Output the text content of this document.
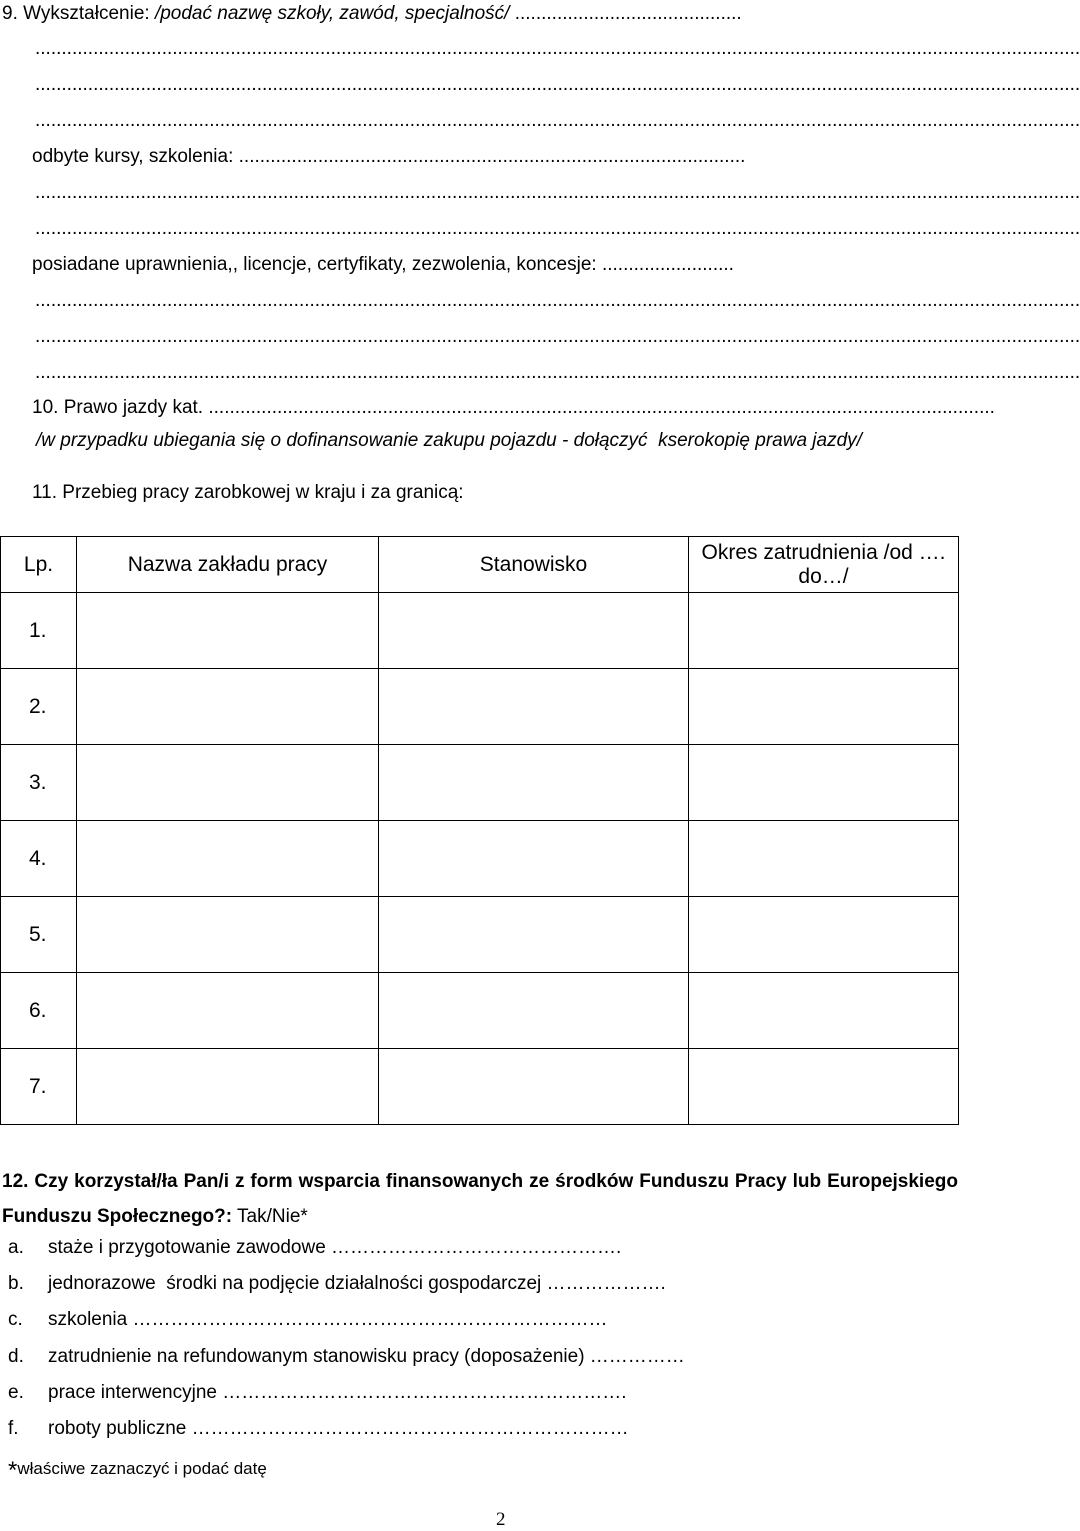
9. Wykształcenie: /podać nazwę szkoły, zawód, specjalność/ ...........................................
......................................................................................................................................................................................................
......................................................................................................................................................................................................
......................................................................................................................................................................................................
odbyte kursy, szkolenia: ................................................................................................
......................................................................................................................................................................................................
......................................................................................................................................................................................................
posiadane uprawnienia,, licencje, certyfikaty, zezwolenia, koncesje: .........................
......................................................................................................................................................................................................
......................................................................................................................................................................................................
......................................................................................................................................................................................................
10. Prawo jazdy kat. .....................................................................................................................................................
/w przypadku ubiegania się o dofinansowanie zakupu pojazdu - dołączyć  kserokopię prawa jazdy/
11. Przebieg pracy zarobkowej w kraju i za granicą:
Lp.	Nazwa zakładu pracy	Stanowisko	Okres zatrudnienia /od …. do…/
1.			
2.			
3.			
4.			
5.			
6.			
7.			
12. Czy korzystał/ła Pan/i z form wsparcia finansowanych ze środków Funduszu Pracy lub Europejskiego Funduszu Społecznego?: Tak/Nie*
a. staże i przygotowanie zawodowe ……………………………………….
b. jednorazowe  środki na podjęcie działalności gospodarczej ……………….
c. szkolenia …………………………………………………………………
d. zatrudnienie na refundowanym stanowisku pracy (doposażenie) ……………
e. prace interwencyjne ……………………………………………………….
f. roboty publiczne ……………………………………………………………
*właściwe zaznaczyć i podać datę
2
